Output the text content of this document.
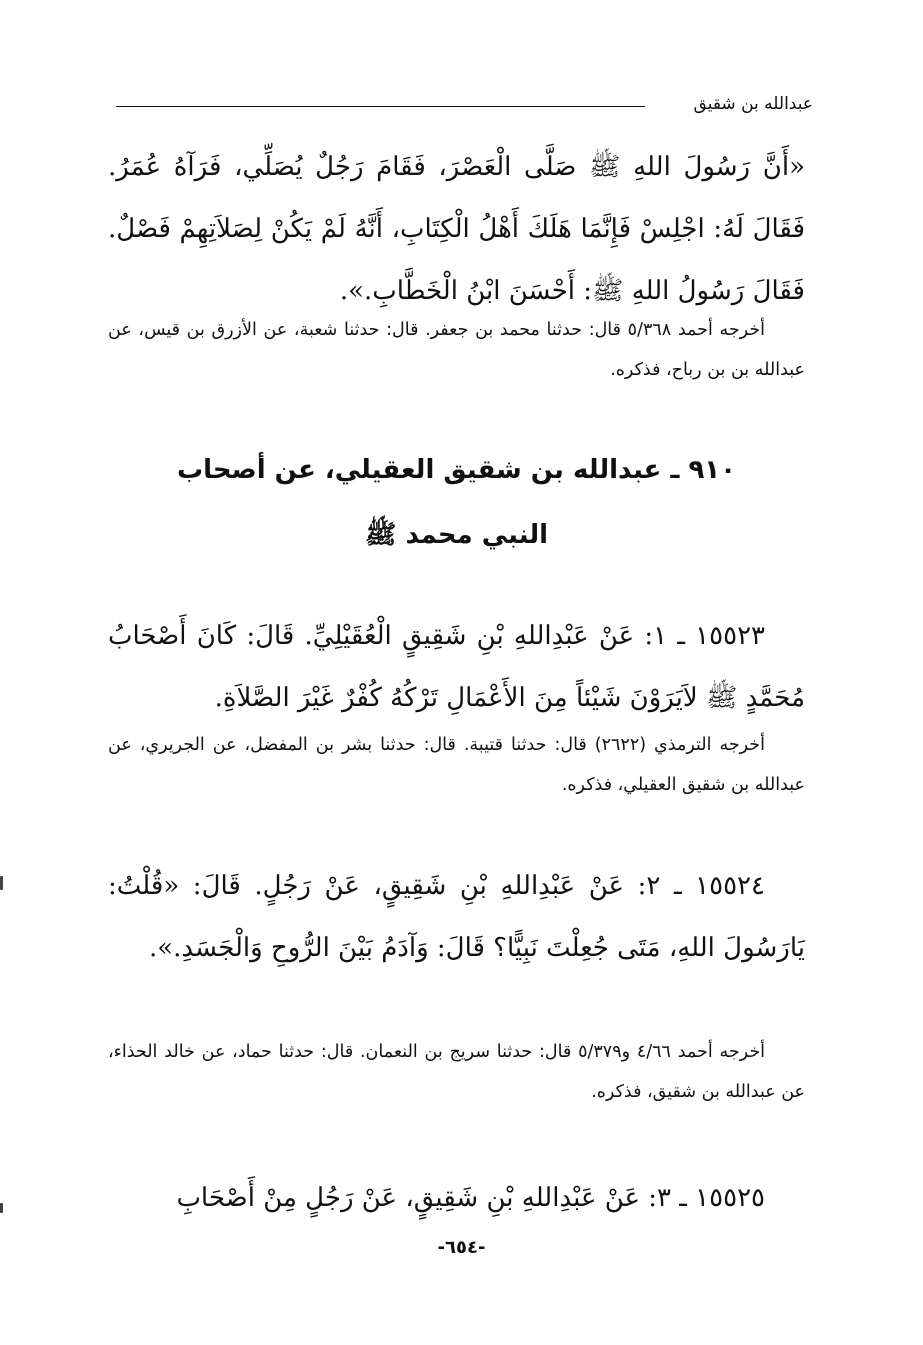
عبدالله بن شقيق
«أَنَّ رَسُولَ اللهِ ﷺ صَلَّى الْعَصْرَ، فَقَامَ رَجُلٌ يُصَلِّي، فَرَآهُ عُمَرُ. فَقَالَ لَهُ: اجْلِسْ فَإِنَّمَا هَلَكَ أَهْلُ الْكِتَابِ، أَنَّهُ لَمْ يَكُنْ لِصَلاَتِهِمْ فَصْلٌ. فَقَالَ رَسُولُ اللهِ ﷺ: أَحْسَنَ ابْنُ الْخَطَّابِ.».
أخرجه أحمد ٥/٣٦٨ قال: حدثنا محمد بن جعفر. قال: حدثنا شعبة، عن الأزرق بن قيس، عن عبدالله بن بن رباح، فذكره.
٩١٠ ـ عبدالله بن شقيق العقيلي، عن أصحاب
النبي محمد ﷺ
١٥٥٢٣ ـ ١: عَنْ عَبْدِاللهِ بْنِ شَقِيقٍ الْعُقَيْلِيِّ. قَالَ: كَانَ أَصْحَابُ مُحَمَّدٍ ﷺ لاَيَرَوْنَ شَيْئاً مِنَ الأَعْمَالِ تَرْكُهُ كُفْرٌ غَيْرَ الصَّلاَةِ.
أخرجه الترمذي (٢٦٢٢) قال: حدثنا قتيبة. قال: حدثنا بشر بن المفضل، عن الجريري، عن عبدالله بن شقيق العقيلي، فذكره.
١٥٥٢٤ ـ ٢: عَنْ عَبْدِاللهِ بْنِ شَقِيقٍ، عَنْ رَجُلٍ. قَالَ: «قُلْتُ: يَارَسُولَ اللهِ، مَتَى جُعِلْتَ نَبِيًّا؟ قَالَ: وَآدَمُ بَيْنَ الرُّوحِ وَالْجَسَدِ.».
أخرجه أحمد ٤/٦٦ و٥/٣٧٩ قال: حدثنا سريج بن النعمان. قال: حدثنا حماد، عن خالد الحذاء، عن عبدالله بن شقيق، فذكره.
١٥٥٢٥ ـ ٣: عَنْ عَبْدِاللهِ بْنِ شَقِيقٍ، عَنْ رَجُلٍ مِنْ أَصْحَابِ
-٦٥٤-
